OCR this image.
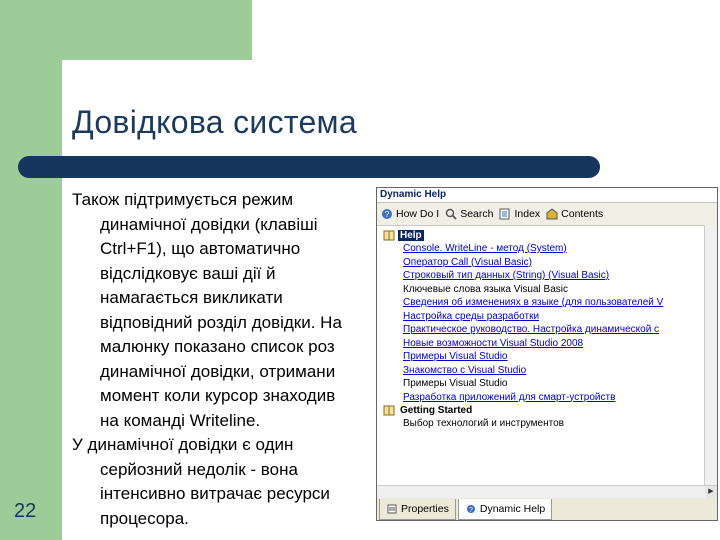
Довідкова система
22

Також підтримується режим
динамічної довідки (клавіші
Ctrl+F1), що автоматично
відслідковує ваші дії й
намагається викликати
відповідний розділ довідки. На
малюнку показано список роз
динамічної довідки, отримани
момент коли курсор знаходив
на команді Writeline.

У динамічної довідки є один
серйозний недолік - вона
інтенсивно витрачає ресурси
процесора.

Dynamic Help
? How Do I Search Index Contents
Help
Console. WriteLine - метод (System)
Оператор Call (Visual Basic)
Строковый тип данных (String) (Visual Basic)
Ключевые слова языка Visual Basic
Сведения об изменениях в языке (для пользователей V
Настройка среды разработки
Практическое руководство. Настройка динамической с
Новые возможности Visual Studio 2008
Примеры Visual Studio
Знакомство с Visual Studio
Примеры Visual Studio
Разработка приложений для смарт-устройств
Getting Started
Выбор технологий и инструментов
▶
Properties	? Dynamic Help
